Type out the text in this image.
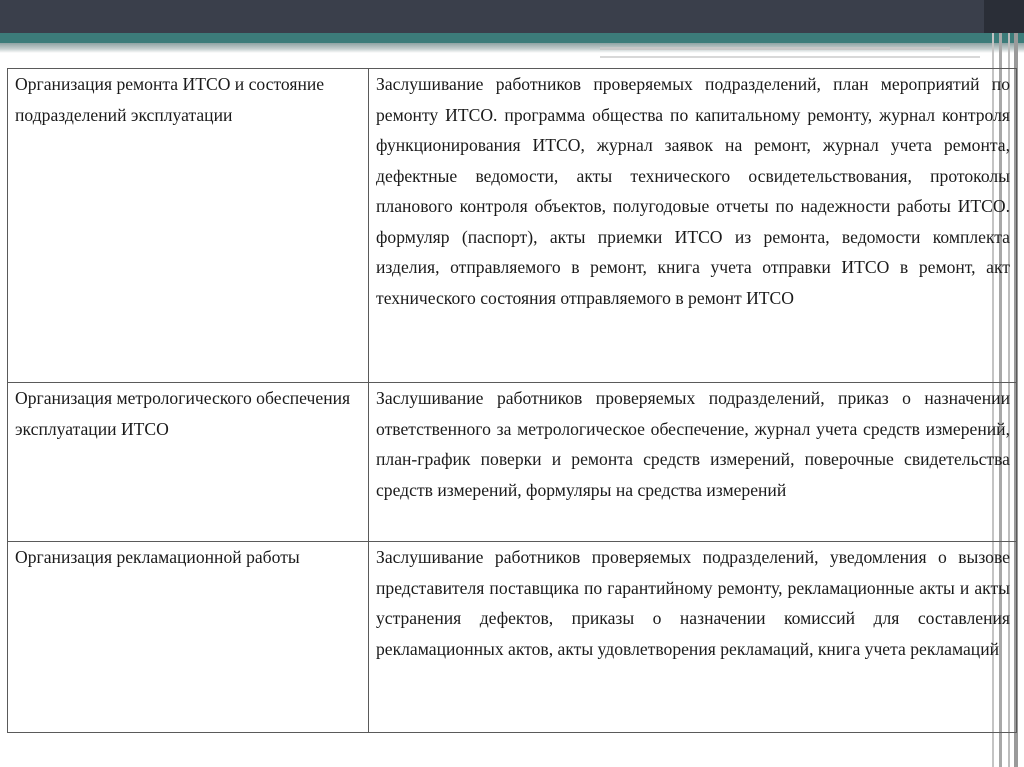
Организация ремонта ИТСО и состояние подразделений эксплуатации	Заслушивание работников проверяемых подразделений, план мероприятий по ремонту ИТСО. программа общества по капитальному ремонту, журнал контроля функционирования ИТСО, журнал заявок на ремонт, журнал учета ремонта, дефектные ведомости, акты технического освидетельствования, протоколы планового контроля объектов, полугодовые отчеты по надежности работы ИТСО. формуляр (паспорт), акты приемки ИТСО из ремонта, ведомости комплекта изделия, отправляемого в ремонт, книга учета отправки ИТСО в ремонт, акт технического состояния отправляемого в ремонт ИТСО
Организация метрологического обеспечения эксплуатации ИТСО	Заслушивание работников проверяемых подразделений, приказ о назначении ответственного за метрологическое обеспечение, журнал учета средств измерений, план-график поверки и ремонта средств измерений, поверочные свидетельства средств измерений, формуляры на средства измерений
Организация рекламационной работы	Заслушивание работников проверяемых подразделений, уведомления о вызове представителя поставщика по гарантийному ремонту, рекламационные акты и акты устранения дефектов, приказы о назначении комиссий для составления рекламационных актов, акты удовлетворения рекламаций, книга учета рекламаций
